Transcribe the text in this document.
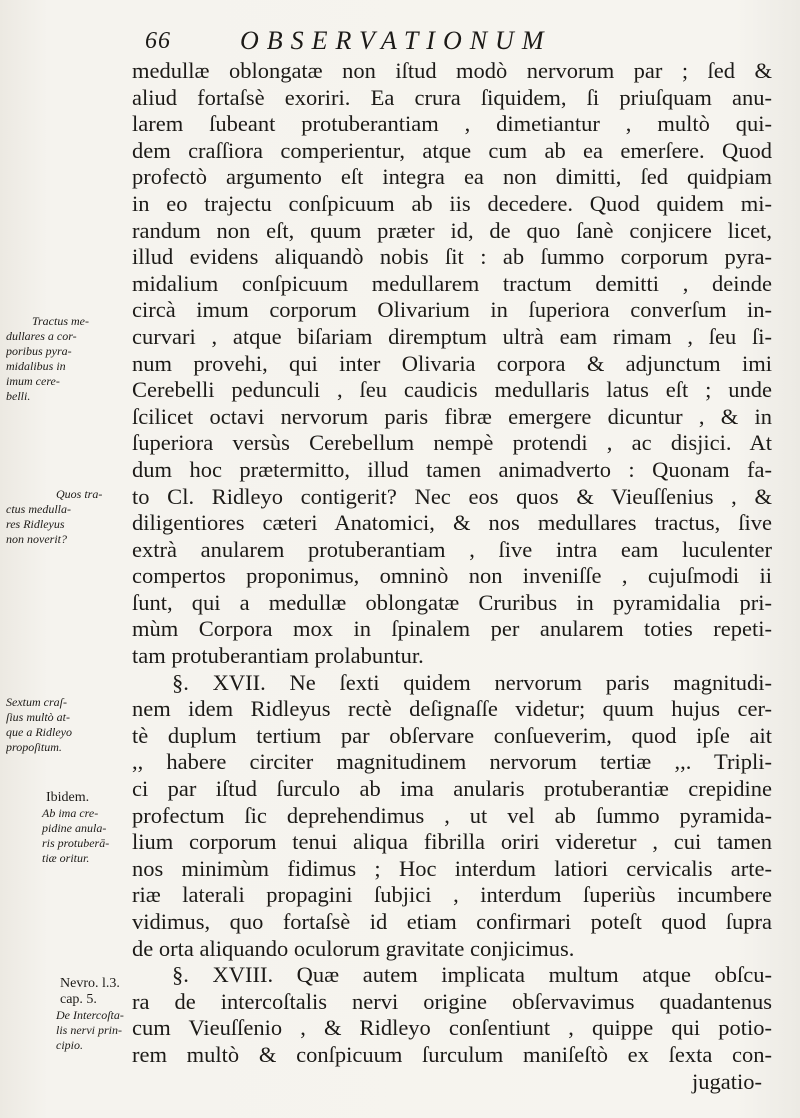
66	OBSERVATIONUM
medullæ oblongatæ non iſtud modò nervorum par ; ſed &
aliud fortaſsè exoriri. Ea crura ſiquidem, ſi priuſquam anu-
larem ſubeant protuberantiam , dimetiantur , multò qui-
dem craſſiora comperientur, atque cum ab ea emerſere. Quod
profectò argumento eſt integra ea non dimitti, ſed quidpiam
in eo trajectu conſpicuum ab iis decedere. Quod quidem mi-
randum non eſt, quum præter id, de quo ſanè conjicere licet,
illud evidens aliquandò nobis ſit : ab ſummo corporum pyra-
midalium conſpicuum medullarem tractum demitti , deinde
circà imum corporum Olivarium in ſuperiora converſum in-
curvari , atque biſariam diremptum ultrà eam rimam , ſeu ſi-
num provehi, qui inter Olivaria corpora & adjunctum imi
Cerebelli pedunculi , ſeu caudicis medullaris latus eſt ; unde
ſcilicet octavi nervorum paris fibræ emergere dicuntur , & in
ſuperiora versùs Cerebellum nempè protendi , ac disjici. At
dum hoc prætermitto, illud tamen animadverto : Quonam fa-
to Cl. Ridleyo contigerit? Nec eos quos & Vieuſſenius , &
diligentiores cæteri Anatomici, & nos medullares tractus, ſive
extrà anularem protuberantiam , ſive intra eam luculenter
compertos proponimus, omninò non inveniſſe , cujuſmodi ii
ſunt, qui a medullæ oblongatæ Cruribus in pyramidalia pri-
mùm Corpora mox in ſpinalem per anularem toties repeti-
tam protuberantiam prolabuntur.
§. XVII. Ne ſexti quidem nervorum paris magnitudi-
nem idem Ridleyus rectè deſignaſſe videtur; quum hujus cer-
tè duplum tertium par obſervare conſueverim, quod ipſe ait
,, habere circiter magnitudinem nervorum tertiæ ,,. Tripli-
ci par iſtud ſurculo ab ima anularis protuberantiæ crepidine
profectum ſic deprehendimus , ut vel ab ſummo pyramida-
lium corporum tenui aliqua fibrilla oriri videretur , cui tamen
nos minimùm fidimus ; Hoc interdum latiori cervicalis arte-
riæ laterali propagini ſubjici , interdum ſuperiùs incumbere
vidimus, quo fortaſsè id etiam confirmari poteſt quod ſupra
de orta aliquando oculorum gravitate conjicimus.
§. XVIII. Quæ autem implicata multum atque obſcu-
ra de intercoſtalis nervi origine obſervavimus quadantenus
cum Vieuſſenio , & Ridleyo conſentiunt , quippe qui potio-
rem multò & conſpicuum ſurculum maniſeſtò ex ſexta con-
jugatio-
Tractus me-
dullares a cor-
poribus pyra-
midalibus in
imum cere-
belli.
Quos tra-
ctus medulla-
res Ridleyus
non noverit?
Sextum craſ-
ſius multò at-
que a Ridleyo
propoſitum.
Ibidem.
Ab ima cre-
pidine anula-
ris protuberā-
tiæ oritur.
Nevro. l.3.
cap. 5.
De Intercoſta-
lis nervi prin-
cipio.
